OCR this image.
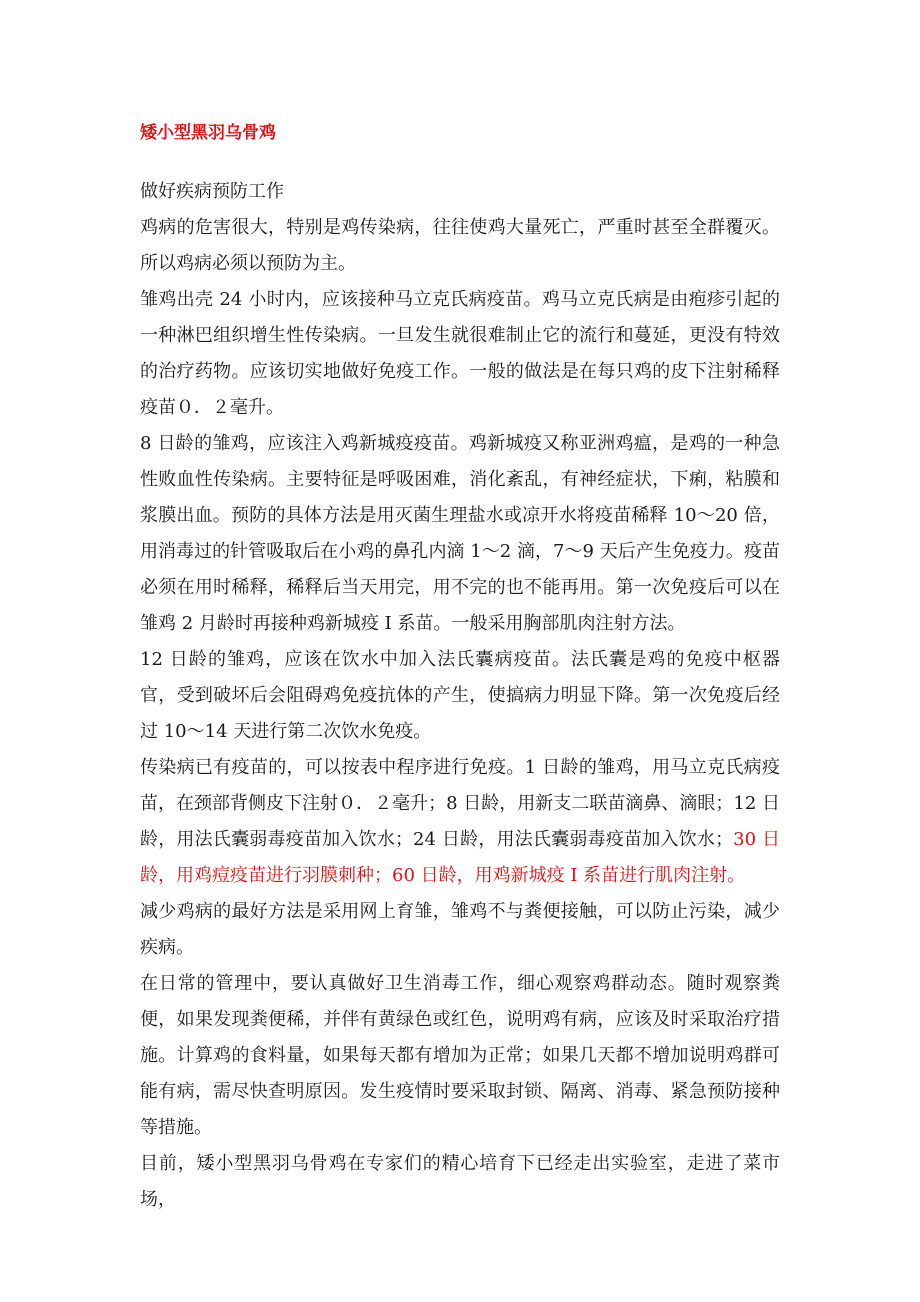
矮小型黑羽乌骨鸡

做好疾病预防工作

鸡病的危害很大，特别是鸡传染病，往往使鸡大量死亡，严重时甚至全群覆灭。所以鸡病必须以预防为主。

雏鸡出壳 24 小时内，应该接种马立克氏病疫苗。鸡马立克氏病是由疱疹引起的一种淋巴组织增生性传染病。一旦发生就很难制止它的流行和蔓延，更没有特效的治疗药物。应该切实地做好免疫工作。一般的做法是在每只鸡的皮下注射稀释疫苗０．２毫升。

8 日龄的雏鸡，应该注入鸡新城疫疫苗。鸡新城疫又称亚洲鸡瘟，是鸡的一种急性败血性传染病。主要特征是呼吸困难，消化紊乱，有神经症状，下痢，粘膜和浆膜出血。预防的具体方法是用灭菌生理盐水或凉开水将疫苗稀释 10～20 倍，用消毒过的针管吸取后在小鸡的鼻孔内滴 1～2 滴，7～9 天后产生免疫力。疫苗必须在用时稀释，稀释后当天用完，用不完的也不能再用。第一次免疫后可以在雏鸡 2 月龄时再接种鸡新城疫 I 系苗。一般采用胸部肌肉注射方法。

12 日龄的雏鸡，应该在饮水中加入法氏囊病疫苗。法氏囊是鸡的免疫中枢器官，受到破坏后会阻碍鸡免疫抗体的产生，使搞病力明显下降。第一次免疫后经过 10～14 天进行第二次饮水免疫。

传染病已有疫苗的，可以按表中程序进行免疫。1 日龄的雏鸡，用马立克氏病疫苗，在颈部背侧皮下注射０．２毫升；8 日龄，用新支二联苗滴鼻、滴眼；12 日龄，用法氏囊弱毒疫苗加入饮水；24 日龄，用法氏囊弱毒疫苗加入饮水；30 日龄，用鸡痘疫苗进行羽膜刺种；60 日龄，用鸡新城疫 I 系苗进行肌肉注射。

减少鸡病的最好方法是采用网上育雏，雏鸡不与粪便接触，可以防止污染，减少疾病。

在日常的管理中，要认真做好卫生消毒工作，细心观察鸡群动态。随时观察粪便，如果发现粪便稀，并伴有黄绿色或红色，说明鸡有病，应该及时采取治疗措施。计算鸡的食料量，如果每天都有增加为正常；如果几天都不增加说明鸡群可能有病，需尽快查明原因。发生疫情时要采取封锁、隔离、消毒、紧急预防接种等措施。

目前，矮小型黑羽乌骨鸡在专家们的精心培育下已经走出实验室，走进了菜市场，
